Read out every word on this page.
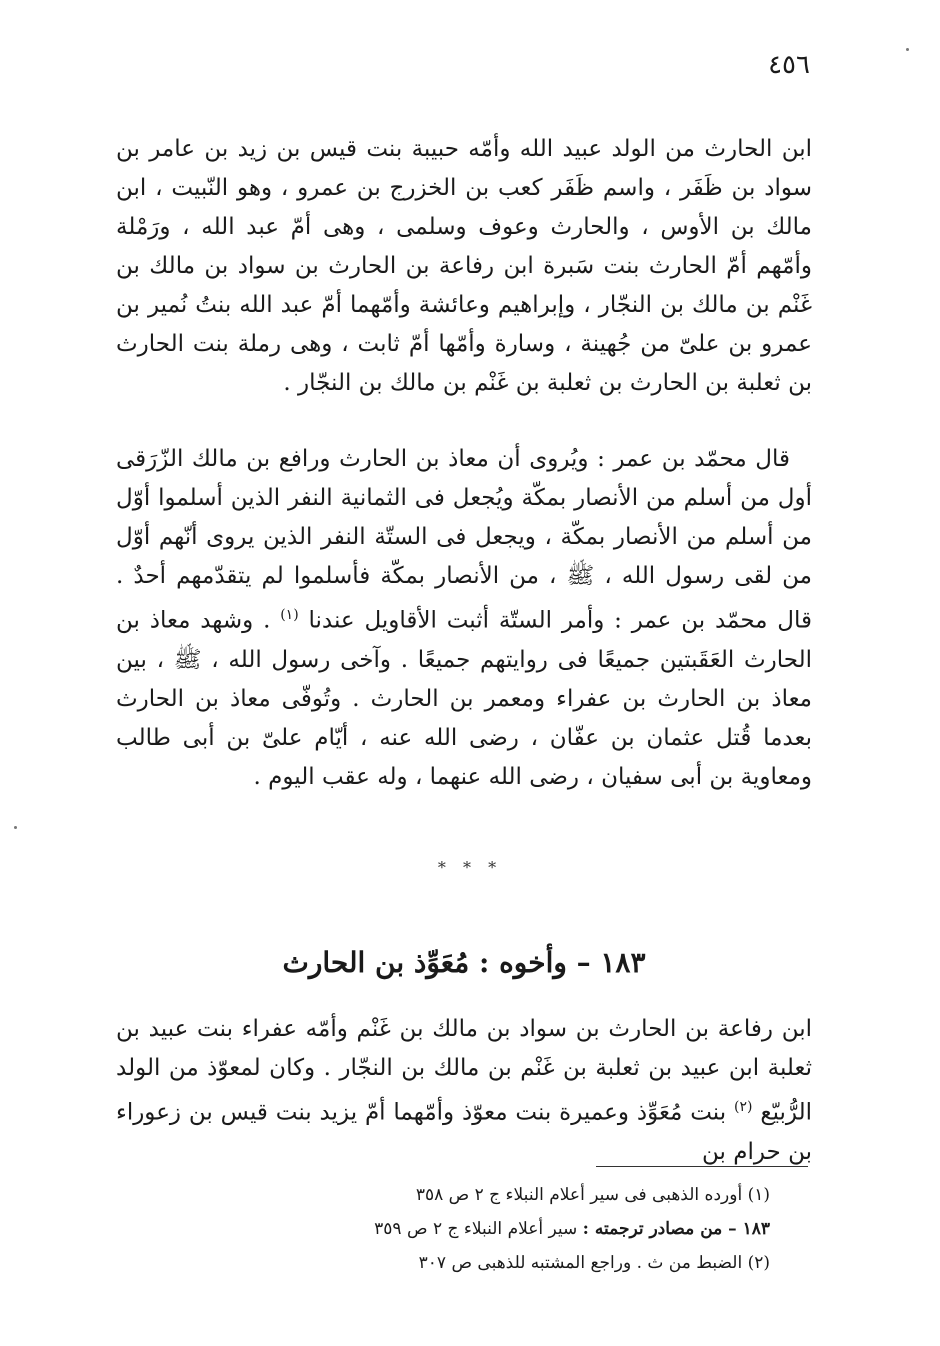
٤٥٦
ابن الحارث من الولد عبيد الله وأمّه حبيبة بنت قيس بن زيد بن عامر بن سواد بن ظَفَر ، واسم ظَفَر كعب بن الخزرج بن عمرو ، وهو النّبيت ، ابن مالك بن الأوس ، والحارث وعوف وسلمى ، وهى أمّ عبد الله ، ورَمْلة وأمّهم أمّ الحارث بنت سَبرة ابن رفاعة بن الحارث بن سواد بن مالك بن غَنْم بن مالك بن النجّار ، وإبراهيم وعائشة وأمّهما أمّ عبد الله بنتُ نُمير بن عمرو بن علىّ من جُهينة ، وسارة وأمّها أمّ ثابت ، وهى رملة بنت الحارث بن ثعلبة بن الحارث بن ثعلبة بن غَنْم بن مالك بن النجّار .

قال محمّد بن عمر : ويُروى أن معاذ بن الحارث ورافع بن مالك الزّرَقى أول من أسلم من الأنصار بمكّة ويُجعل فى الثمانية النفر الذين أسلموا أوّل من أسلم من الأنصار بمكّة ، ويجعل فى الستّة النفر الذين يروى أنّهم أوّل من لقى رسول الله ، ﷺ ، من الأنصار بمكّة فأسلموا لم يتقدّمهم أحدٌ . قال محمّد بن عمر : وأمر الستّة أثبت الأقاويل عندنا $^{(١)}$ . وشهد معاذ بن الحارث العَقَبتين جميعًا فى روايتهم جميعًا . وآخى رسول الله ، ﷺ ، بين معاذ بن الحارث بن عفراء ومعمر بن الحارث . وتُوفّى معاذ بن الحارث بعدما قُتل عثمان بن عفّان ، رضى الله عنه ، أيّام علىّ بن أبى طالب ومعاوية بن أبى سفيان ، رضى الله عنهما ، وله عقب اليوم .

* * *
١٨٣ – وأخوه : مُعَوِّذ بن الحارث

ابن رفاعة بن الحارث بن سواد بن مالك بن غَنْم وأمّه عفراء بنت عبيد بن ثعلبة ابن عبيد بن ثعلبة بن غَنْم بن مالك بن النجّار . وكان لمعوّذ من الولد الرُّبيّع $^{(٢)}$ بنت مُعَوِّذ وعميرة بنت معوّذ وأمّهما أمّ يزيد بنت قيس بن زعوراء بن حرام بن

(١) أورده الذهبى فى سير أعلام النبلاء ج ٢ ص ٣٥٨
١٨٣ – من مصادر ترجمته : سير أعلام النبلاء ج ٢ ص ٣٥٩
(٢) الضبط من ث . وراجع المشتبه للذهبى ص ٣٠٧
